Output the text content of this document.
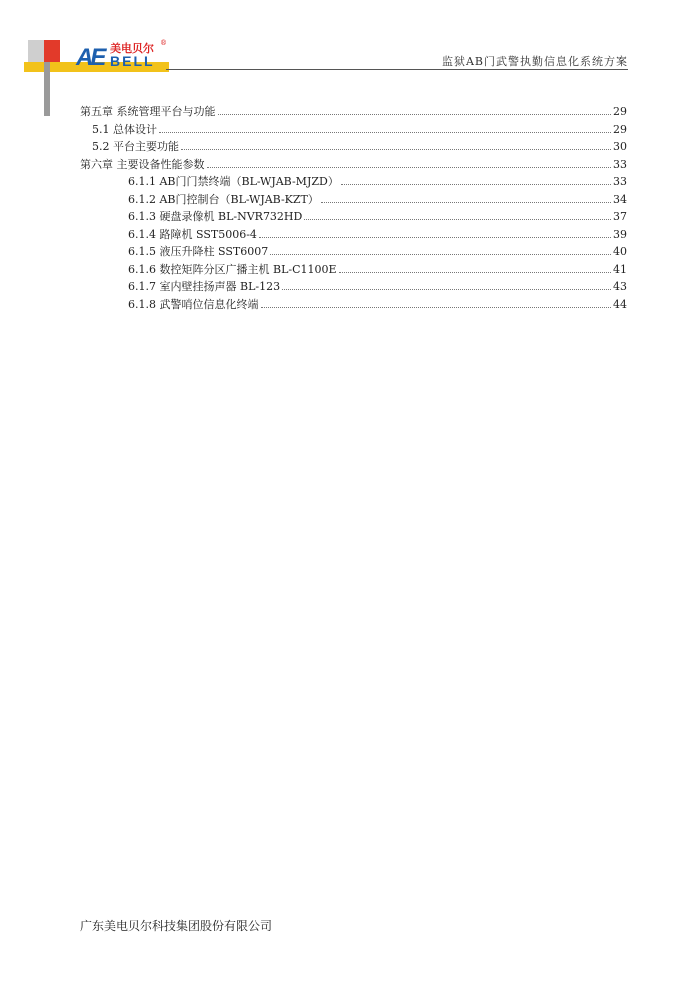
美电贝尔 ®
AE BELL	监狱AB门武警执勤信息化系统方案
第五章 系统管理平台与功能	29
5.1 总体设计	29
5.2 平台主要功能	30
第六章 主要设备性能参数	33
6.1.1 AB门门禁终端（BL-WJAB-MJZD）	33
6.1.2 AB门控制台（BL-WJAB-KZT）	34
6.1.3 硬盘录像机 BL-NVR732HD	37
6.1.4 路障机 SST5006-4	39
6.1.5 液压升降柱 SST6007	40
6.1.6 数控矩阵分区广播主机 BL-C1100E	41
6.1.7 室内壁挂扬声器 BL-123	43
6.1.8 武警哨位信息化终端	44
广东美电贝尔科技集团股份有限公司
